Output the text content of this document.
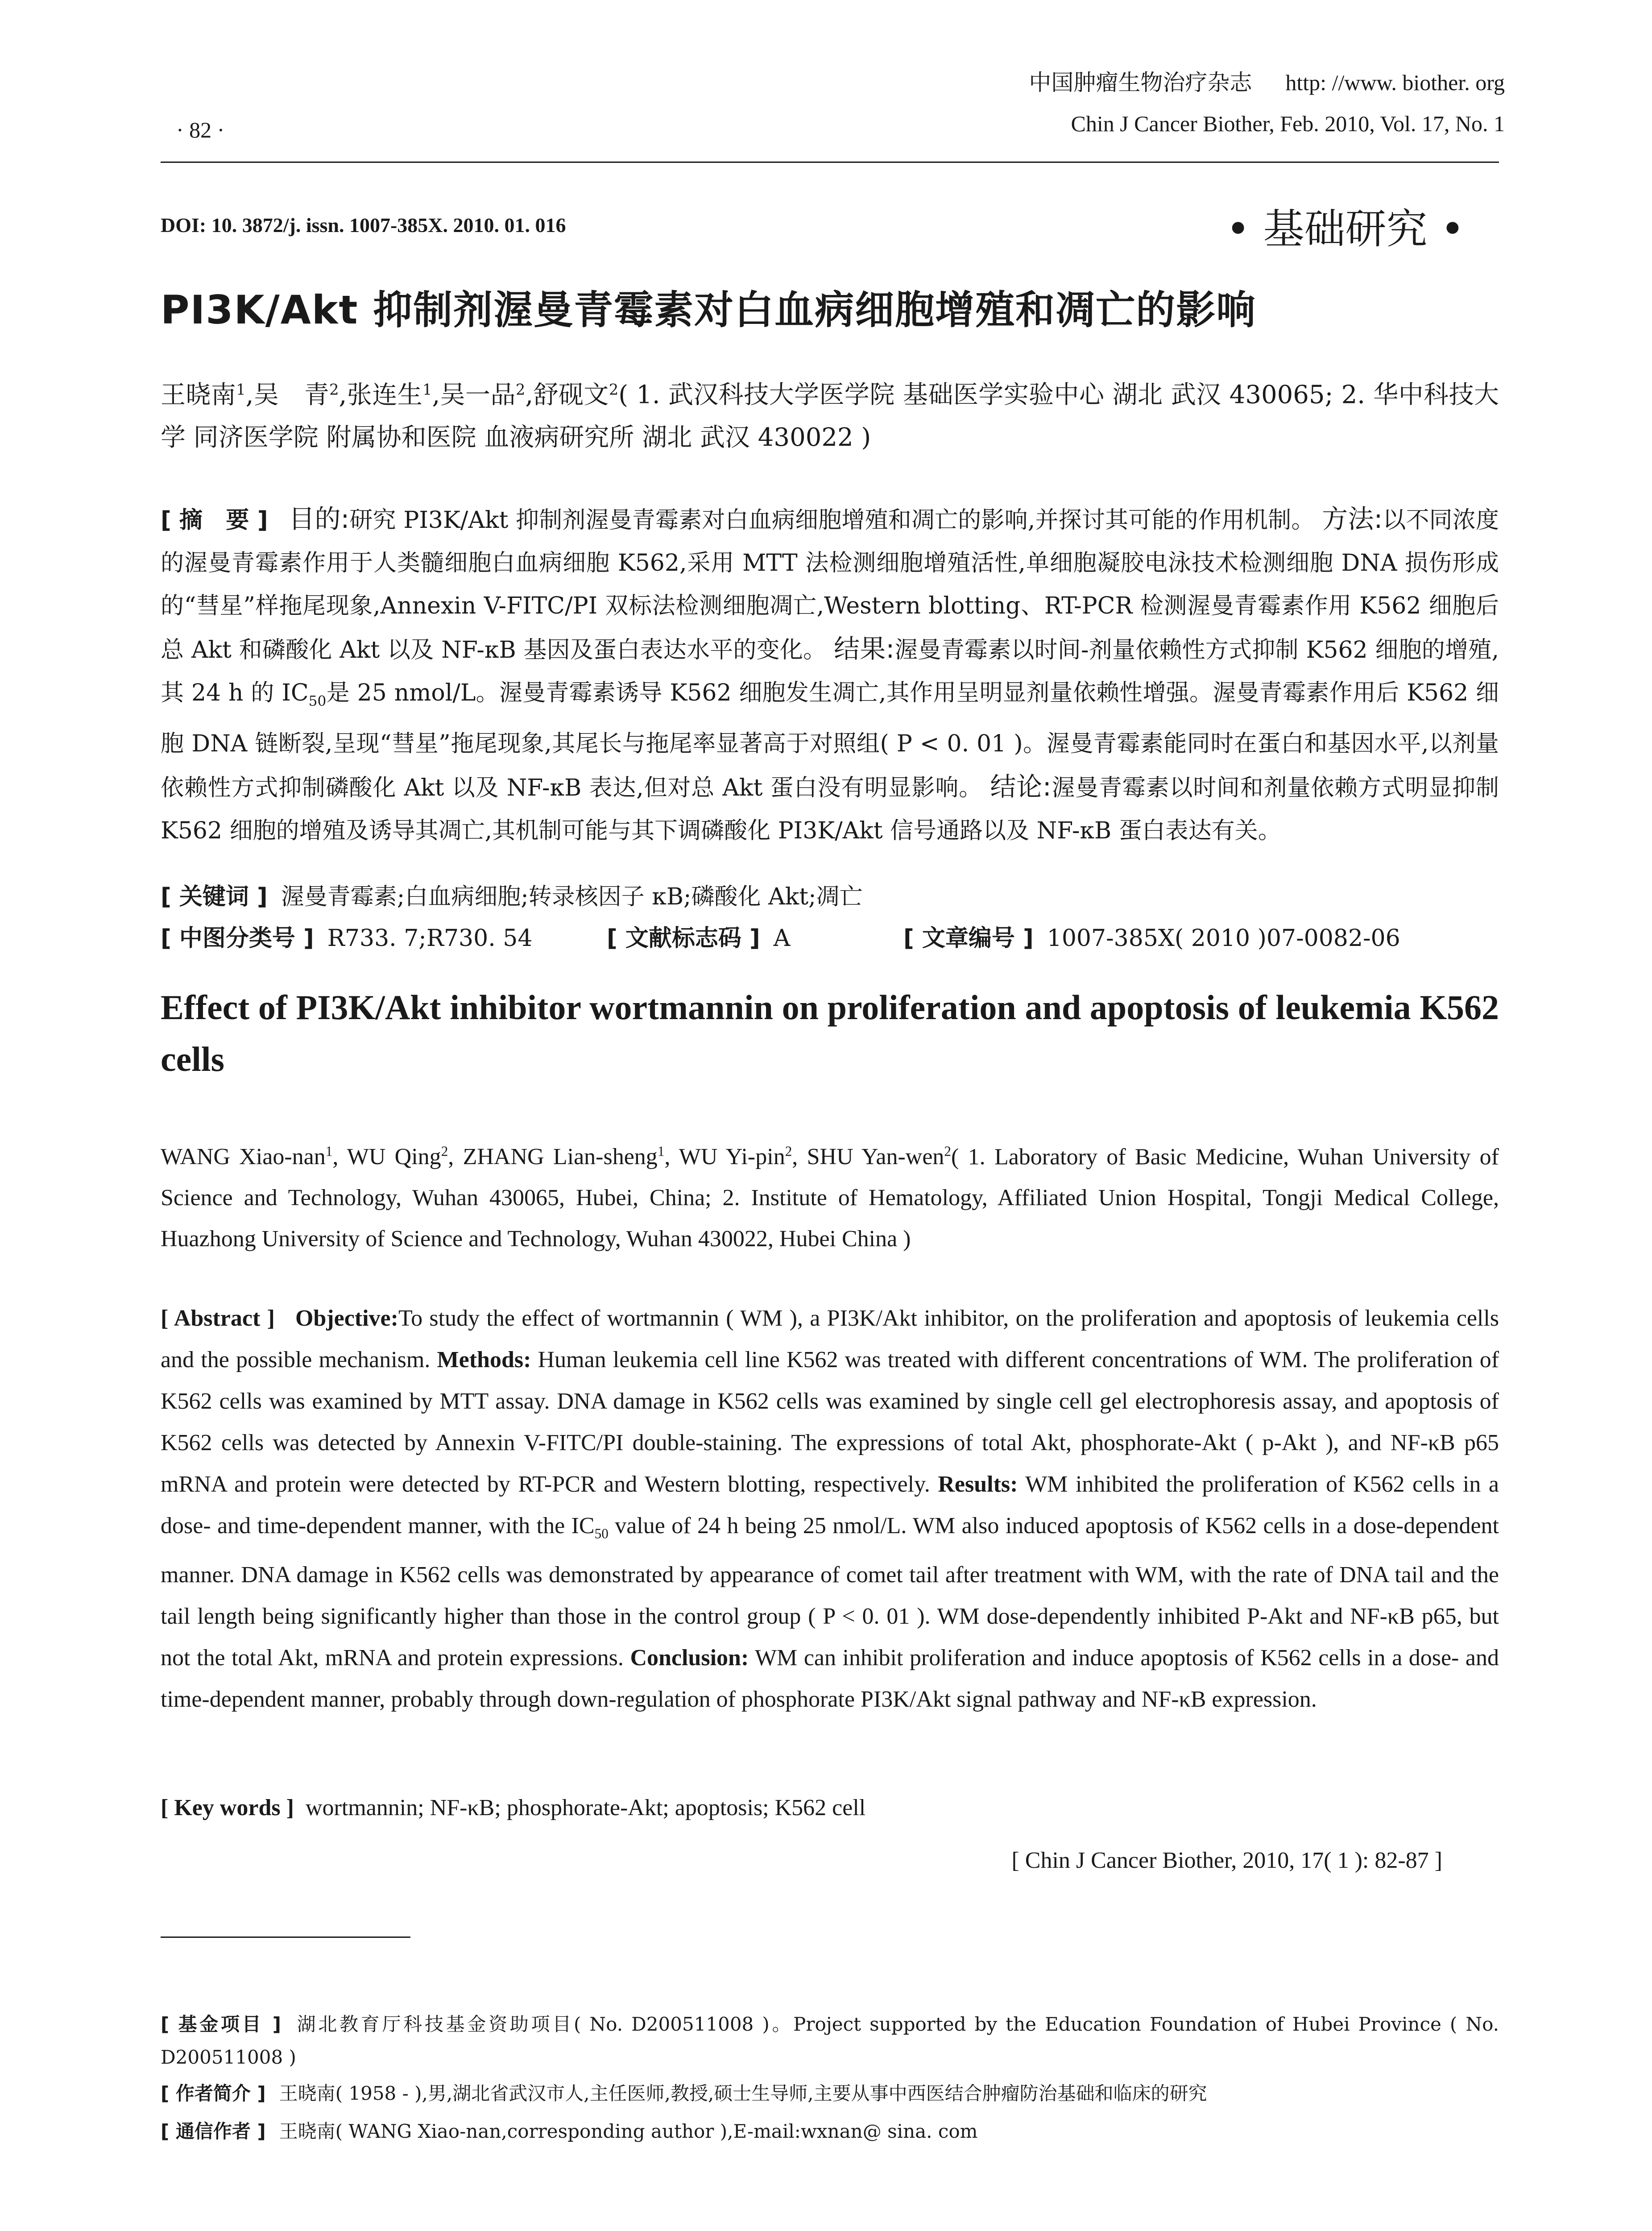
中国肿瘤生物治疗杂志 http: //www. biother. org
Chin J Cancer Biother, Feb. 2010, Vol. 17, No. 1
· 82 ·
DOI: 10. 3872/j. issn. 1007-385X. 2010. 01. 016	• 基础研究 •
PI3K/Akt 抑制剂渥曼青霉素对白血病细胞增殖和凋亡的影响
王晓南$^1$,吴　青$^2$,张连生$^1$,吴一品$^2$,舒砚文$^2$( 1. 武汉科技大学医学院 基础医学实验中心 湖北 武汉 430065; 2. 华中科技大学 同济医学院 附属协和医院 血液病研究所 湖北 武汉 430022 )
[ 摘　要 ] 目的:研究 PI3K/Akt 抑制剂渥曼青霉素对白血病细胞增殖和凋亡的影响,并探讨其可能的作用机制。 方法:以不同浓度的渥曼青霉素作用于人类髓细胞白血病细胞 K562,采用 MTT 法检测细胞增殖活性,单细胞凝胶电泳技术检测细胞 DNA 损伤形成的“彗星”样拖尾现象,Annexin V-FITC/PI 双标法检测细胞凋亡,Western blotting、RT-PCR 检测渥曼青霉素作用 K562 细胞后总 Akt 和磷酸化 Akt 以及 NF-κB 基因及蛋白表达水平的变化。 结果:渥曼青霉素以时间-剂量依赖性方式抑制 K562 细胞的增殖,其 24 h 的 $IC_{50}$是 25 nmol/L。渥曼青霉素诱导 K562 细胞发生凋亡,其作用呈明显剂量依赖性增强。渥曼青霉素作用后 K562 细胞 DNA 链断裂,呈现“彗星”拖尾现象,其尾长与拖尾率显著高于对照组( P < 0. 01 )。渥曼青霉素能同时在蛋白和基因水平,以剂量依赖性方式抑制磷酸化 Akt 以及 NF-κB 表达,但对总 Akt 蛋白没有明显影响。 结论:渥曼青霉素以时间和剂量依赖方式明显抑制 K562 细胞的增殖及诱导其凋亡,其机制可能与其下调磷酸化 PI3K/Akt 信号通路以及 NF-κB 蛋白表达有关。
[ 关键词 ] 渥曼青霉素;白血病细胞;转录核因子 κB;磷酸化 Akt;凋亡
[ 中图分类号 ] R733. 7;R730. 54	[ 文献标志码 ] A	[ 文章编号 ] 1007-385X( 2010 )07-0082-06
Effect of PI3K/Akt inhibitor wortmannin on proliferation and apoptosis of leukemia K562 cells
WANG Xiao-nan$^1$, WU Qing$^2$, ZHANG Lian-sheng$^1$, WU Yi-pin$^2$, SHU Yan-wen$^2$( 1. Laboratory of Basic Medicine, Wuhan University of Science and Technology, Wuhan 430065, Hubei, China; 2. Institute of Hematology, Affiliated Union Hospital, Tongji Medical College, Huazhong University of Science and Technology, Wuhan 430022, Hubei China )
[ Abstract ] Objective:To study the effect of wortmannin ( WM ), a PI3K/Akt inhibitor, on the proliferation and apoptosis of leukemia cells and the possible mechanism. Methods: Human leukemia cell line K562 was treated with different concentrations of WM. The proliferation of K562 cells was examined by MTT assay. DNA damage in K562 cells was examined by single cell gel electrophoresis assay, and apoptosis of K562 cells was detected by Annexin V-FITC/PI double-staining. The expressions of total Akt, phosphorate-Akt ( p-Akt ), and NF-κB p65 mRNA and protein were detected by RT-PCR and Western blotting, respectively. Results: WM inhibited the proliferation of K562 cells in a dose- and time-dependent manner, with the $IC_{50}$ value of 24 h being 25 nmol/L. WM also induced apoptosis of K562 cells in a dose-dependent manner. DNA damage in K562 cells was demonstrated by appearance of comet tail after treatment with WM, with the rate of DNA tail and the tail length being significantly higher than those in the control group ( P < 0. 01 ). WM dose-dependently inhibited P-Akt and NF-κB p65, but not the total Akt, mRNA and protein expressions. Conclusion: WM can inhibit proliferation and induce apoptosis of K562 cells in a dose- and time-dependent manner, probably through down-regulation of phosphorate PI3K/Akt signal pathway and NF-κB expression.
[ Key words ] wortmannin; NF-κB; phosphorate-Akt; apoptosis; K562 cell
[ Chin J Cancer Biother, 2010, 17( 1 ): 82-87 ]
[ 基金项目 ] 湖北教育厅科技基金资助项目( No. D200511008 )。Project supported by the Education Foundation of Hubei Province ( No. D200511008 )
[ 作者简介 ] 王晓南( 1958 - ),男,湖北省武汉市人,主任医师,教授,硕士生导师,主要从事中西医结合肿瘤防治基础和临床的研究
[ 通信作者 ] 王晓南( WANG Xiao-nan,corresponding author ),E-mail:wxnan@ sina. com
